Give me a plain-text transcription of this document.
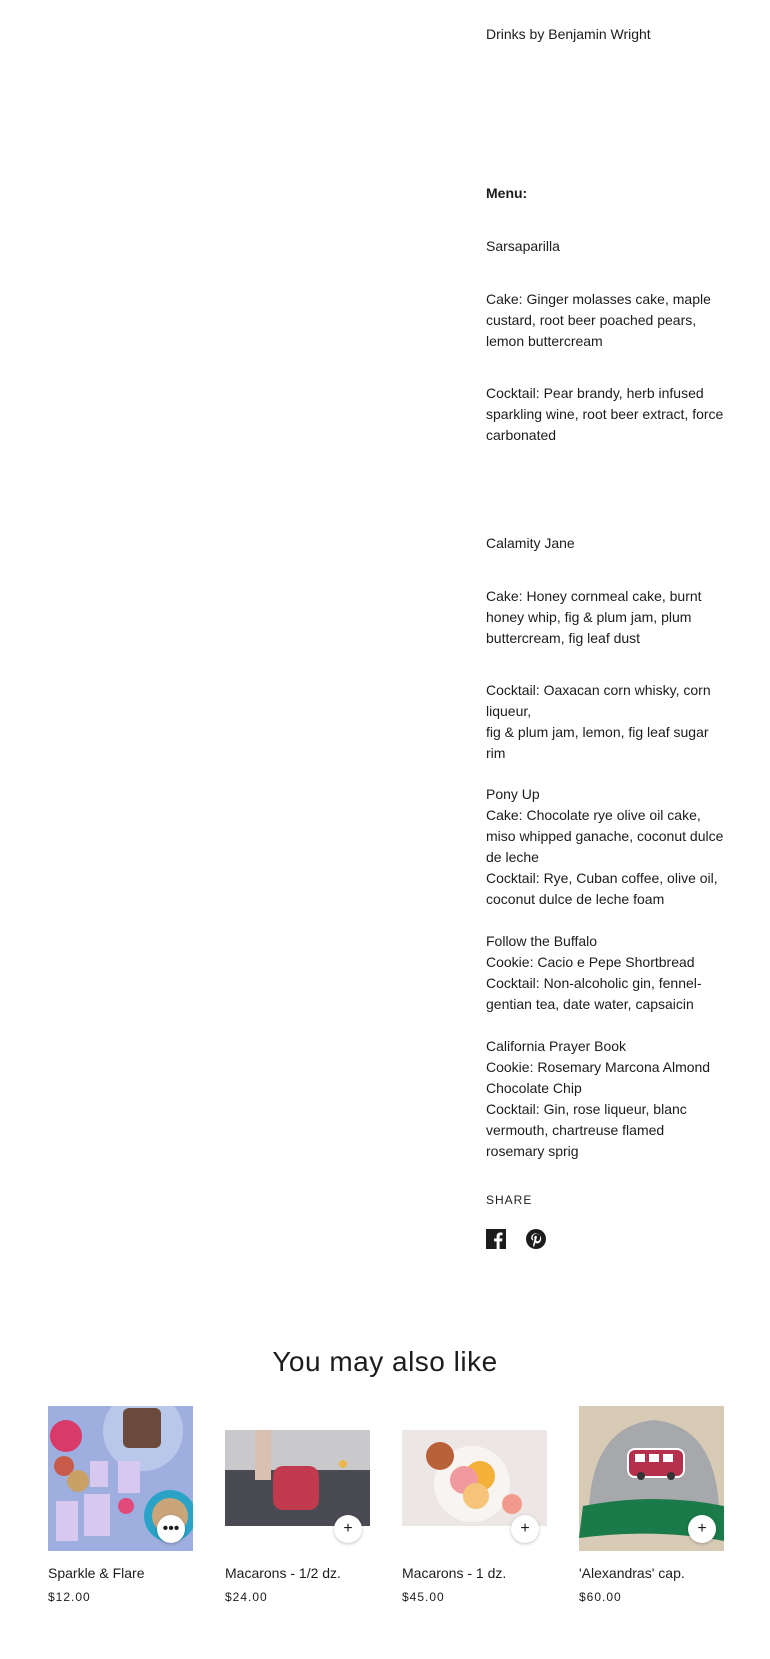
Drinks by Benjamin Wright
Menu:
Sarsaparilla
Cake: Ginger molasses cake, maple custard, root beer poached pears, lemon buttercream
Cocktail: Pear brandy, herb infused sparkling wine, root beer extract, force carbonated
Calamity Jane
Cake: Honey cornmeal cake, burnt honey whip, fig & plum jam, plum buttercream, fig leaf dust
Cocktail: Oaxacan corn whisky, corn liqueur,
fig & plum jam, lemon, fig leaf sugar rim
Pony Up
Cake: Chocolate rye olive oil cake, miso whipped ganache, coconut dulce de leche
Cocktail: Rye, Cuban coffee, olive oil, coconut dulce de leche foam
Follow the Buffalo
Cookie: Cacio e Pepe Shortbread
Cocktail: Non-alcoholic gin, fennel-gentian tea, date water, capsaicin
California Prayer Book
Cookie: Rosemary Marcona Almond Chocolate Chip
Cocktail: Gin, rose liqueur, blanc vermouth, chartreuse flamed rosemary sprig
SHARE
You may also like
•••
Sparkle & Flare
$12.00
+
Macarons - 1/2 dz.
$24.00
+
Macarons - 1 dz.
$45.00
+
'Alexandras' cap.
$60.00
